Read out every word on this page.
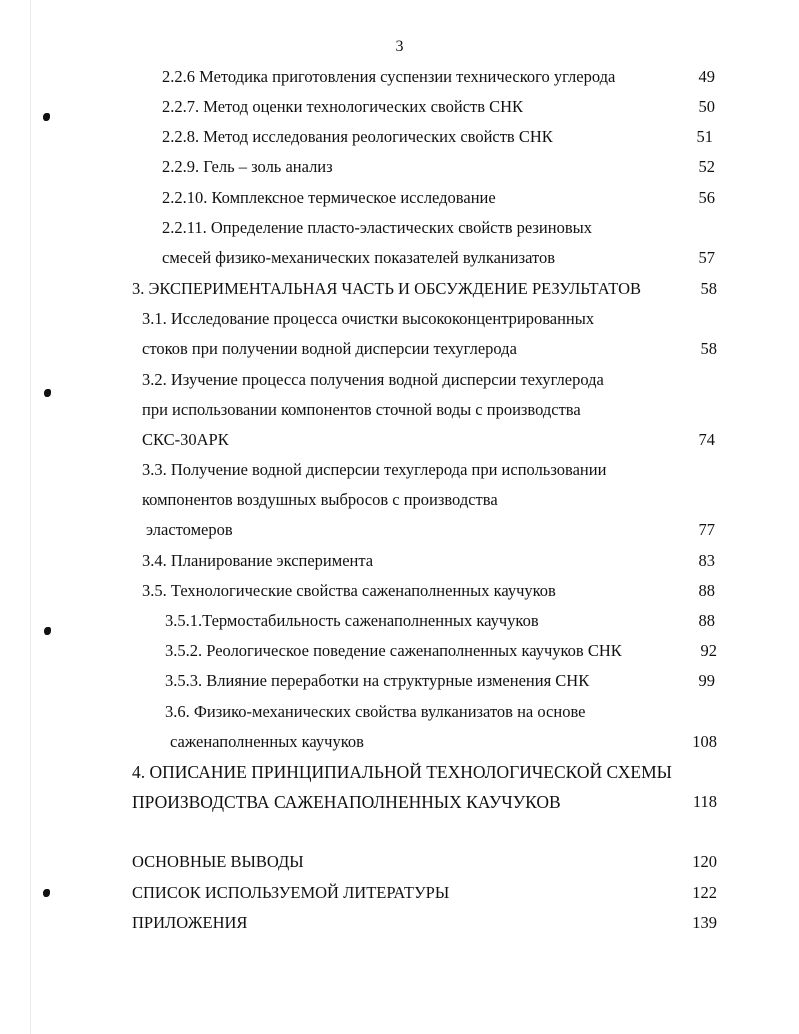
3
2.2.6 Методика приготовления суспензии технического углерода	49
2.2.7. Метод оценки технологических свойств СНК	50
2.2.8. Метод исследования реологических свойств СНК	51
2.2.9. Гель – золь анализ	52
2.2.10. Комплексное термическое исследование	56
2.2.11. Определение пласто-эластических свойств резиновых
смесей физико-механических показателей вулканизатов	57
3. ЭКСПЕРИМЕНТАЛЬНАЯ ЧАСТЬ И ОБСУЖДЕНИЕ РЕЗУЛЬТАТОВ	58
3.1. Исследование процесса очистки высококонцентрированных
стоков при получении водной дисперсии техуглерода	58
3.2. Изучение процесса получения водной дисперсии техуглерода
при использовании компонентов сточной воды с производства
СКС-30АРК	74
3.3. Получение водной дисперсии техуглерода при использовании
компонентов воздушных выбросов с производства
эластомеров	77
3.4. Планирование эксперимента	83
3.5. Технологические свойства саженаполненных каучуков	88
3.5.1.Термостабильность саженаполненных каучуков	88
3.5.2. Реологическое поведение саженаполненных каучуков СНК	92
3.5.3. Влияние переработки на структурные изменения СНК	99
3.6. Физико-механических свойства вулканизатов на основе
саженаполненных каучуков	108
4. ОПИСАНИЕ ПРИНЦИПИАЛЬНОЙ ТЕХНОЛОГИЧЕСКОЙ СХЕМЫ
ПРОИЗВОДСТВА САЖЕНАПОЛНЕННЫХ КАУЧУКОВ	118
ОСНОВНЫЕ ВЫВОДЫ	120
СПИСОК ИСПОЛЬЗУЕМОЙ ЛИТЕРАТУРЫ	122
ПРИЛОЖЕНИЯ	139
